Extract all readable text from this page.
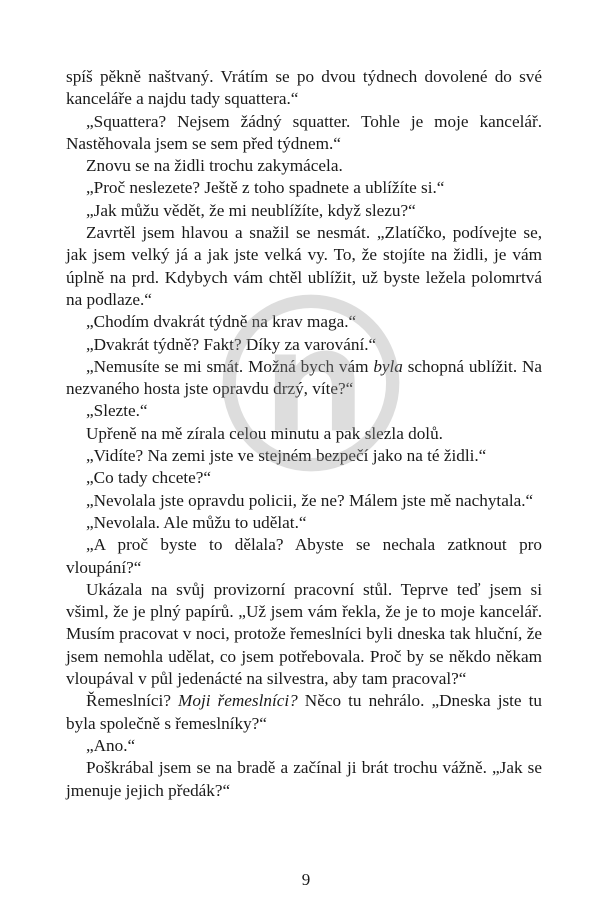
spíš pěkně naštvaný. Vrátím se po dvou týdnech dovolené do své kanceláře a najdu tady squattera.“

„Squattera? Nejsem žádný squatter. Tohle je moje kancelář. Nastěhovala jsem se sem před týdnem.“

Znovu se na židli trochu zakymácela.

„Proč neslezete? Ještě z toho spadnete a ublížíte si.“

„Jak můžu vědět, že mi neublížíte, když slezu?“

Zavrtěl jsem hlavou a snažil se nesmát. „Zlatíčko, podívejte se, jak jsem velký já a jak jste velká vy. To, že stojíte na židli, je vám úplně na prd. Kdybych vám chtěl ublížit, už byste ležela polomrtvá na podlaze.“

„Chodím dvakrát týdně na krav maga.“

„Dvakrát týdně? Fakt? Díky za varování.“

„Nemusíte se mi smát. Možná bych vám byla schopná ublížit. Na nezvaného hosta jste opravdu drzý, víte?“

„Slezte.“

Upřeně na mě zírala celou minutu a pak slezla dolů.

„Vidíte? Na zemi jste ve stejném bezpečí jako na té židli.“

„Co tady chcete?“

„Nevolala jste opravdu policii, že ne? Málem jste mě nachytala.“

„Nevolala. Ale můžu to udělat.“

„A proč byste to dělala? Abyste se nechala zatknout pro vloupání?“

Ukázala na svůj provizorní pracovní stůl. Teprve teď jsem si všiml, že je plný papírů. „Už jsem vám řekla, že je to moje kancelář. Musím pracovat v noci, protože řemeslníci byli dneska tak hluční, že jsem nemohla udělat, co jsem potřebovala. Proč by se někdo někam vloupával v půl jedenácté na silvestra, aby tam pracoval?“

Řemeslníci? Moji řemeslníci? Něco tu nehrálo. „Dneska jste tu byla společně s řemeslníky?“

„Ano.“

Poškrábal jsem se na bradě a začínal ji brát trochu vážně. „Jak se jmenuje jejich předák?“

9
